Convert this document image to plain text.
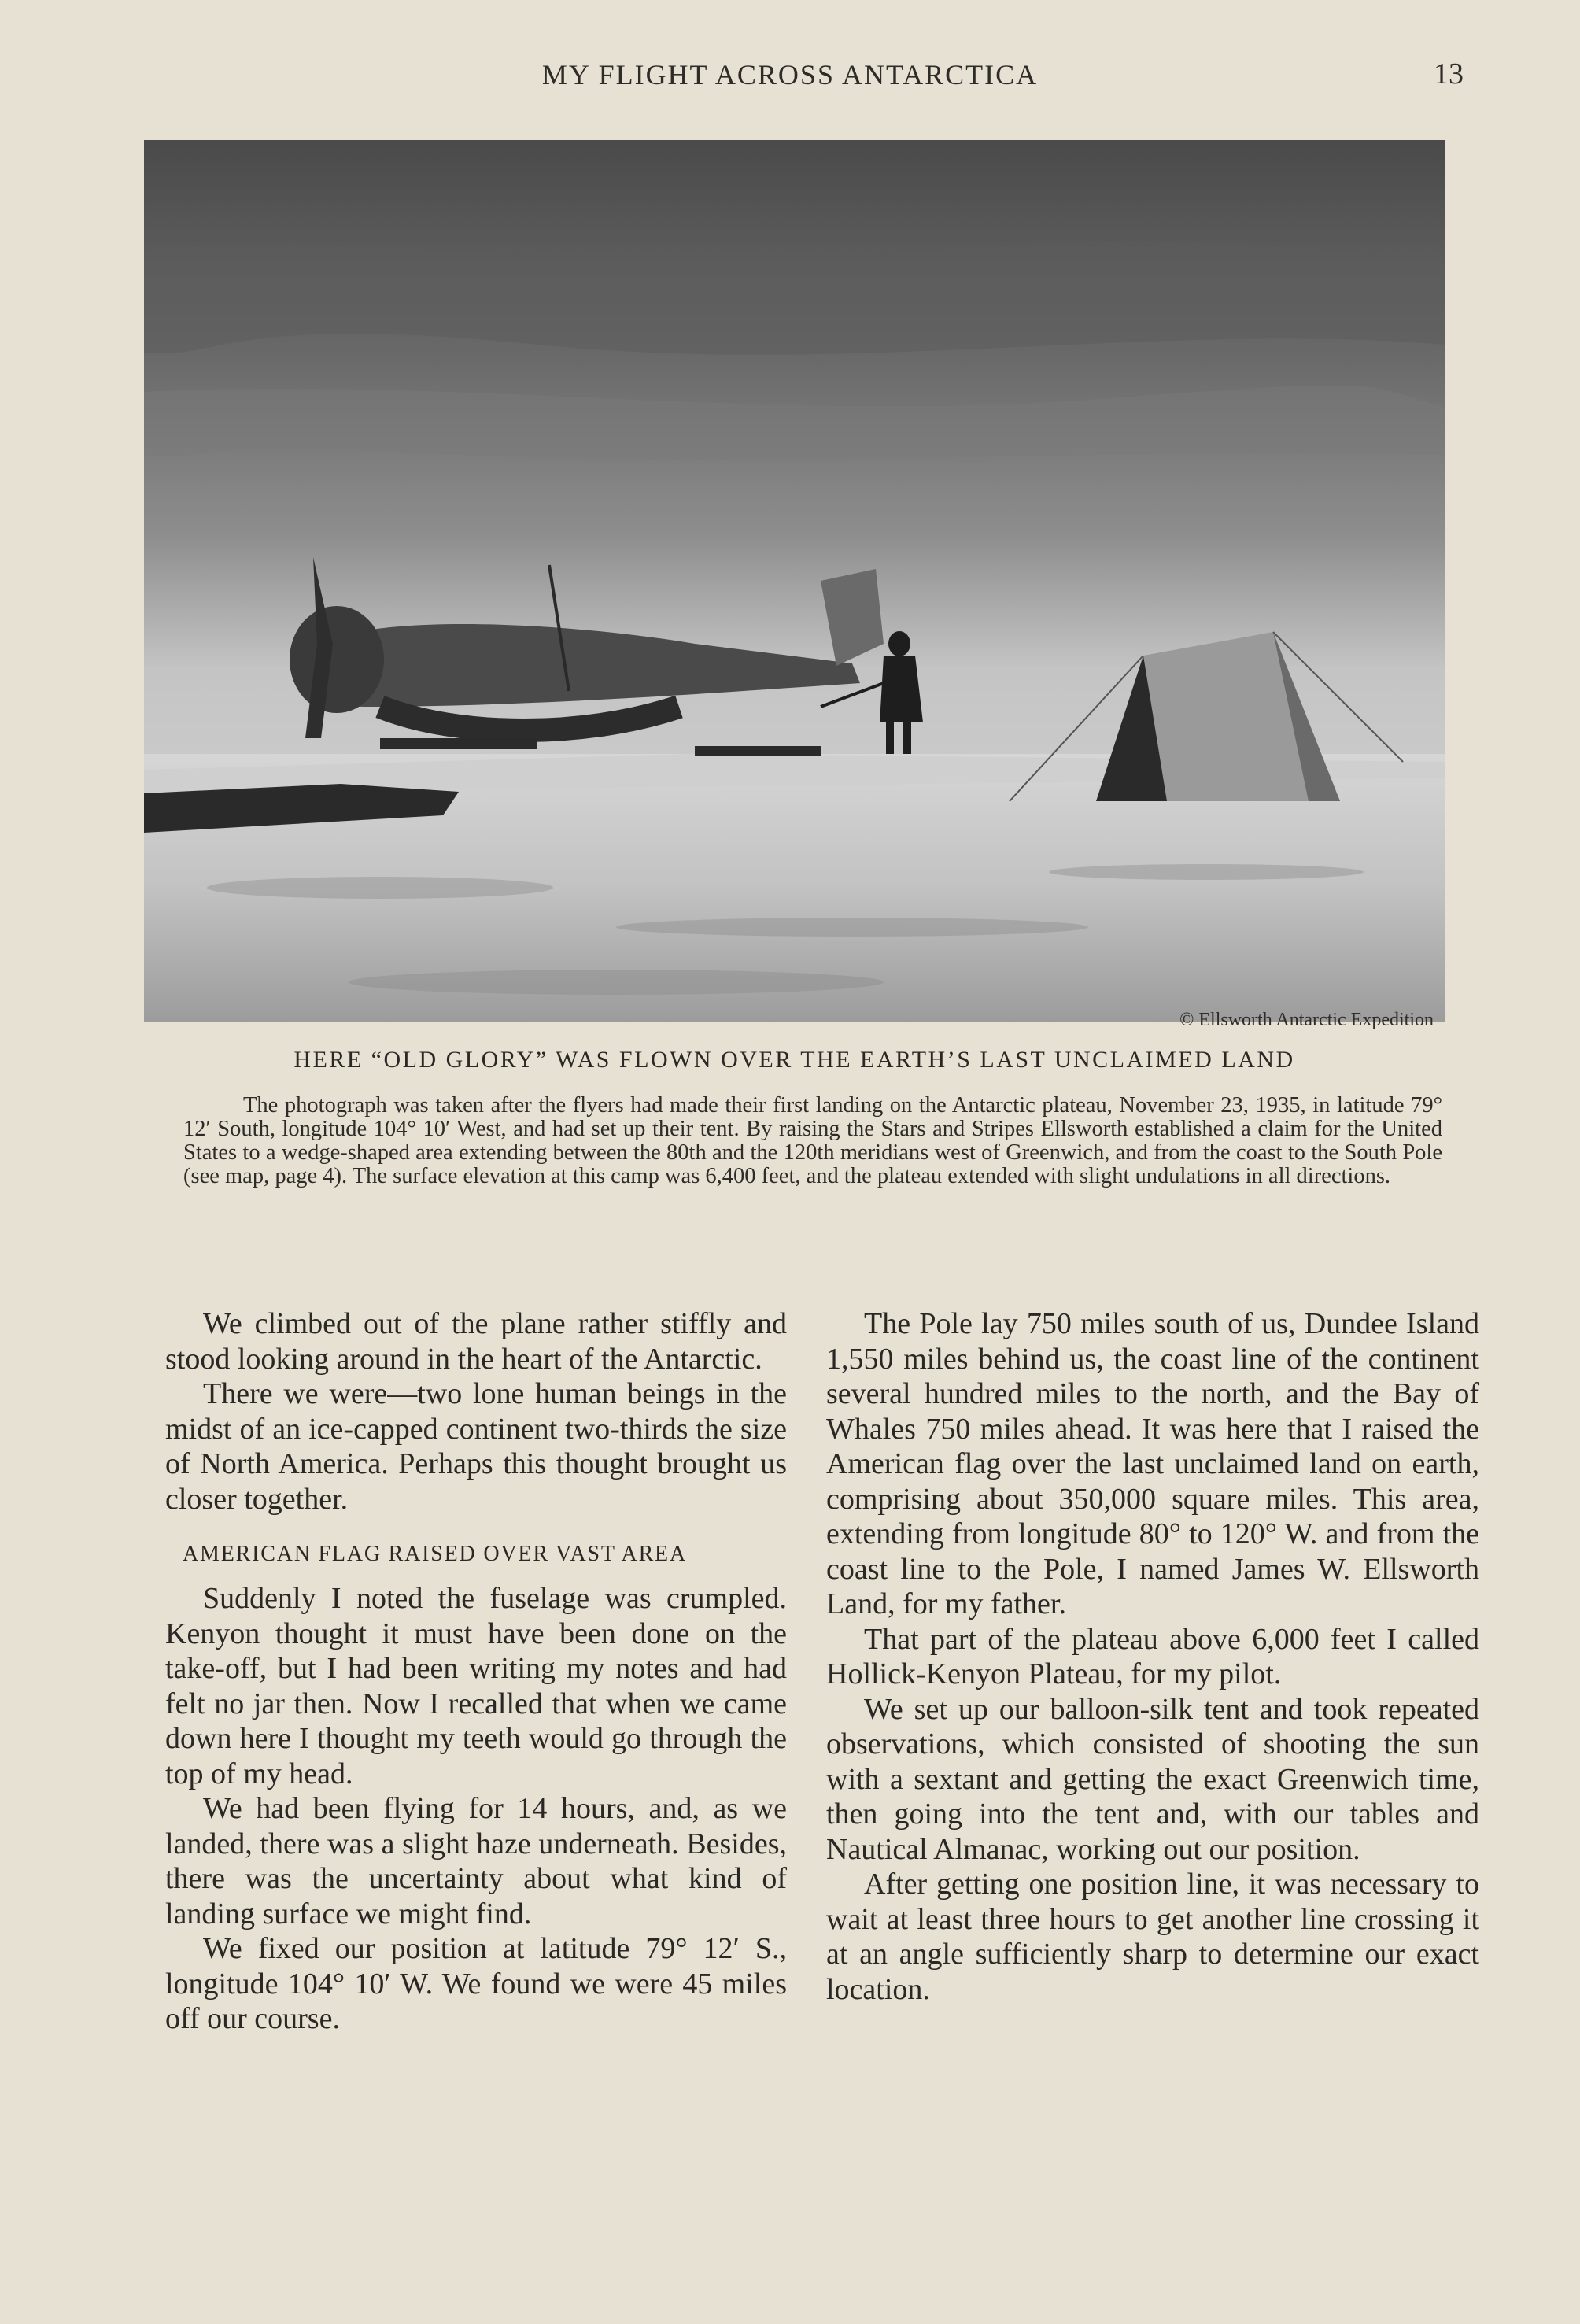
MY FLIGHT ACROSS ANTARCTICA	13
© Ellsworth Antarctic Expedition
HERE “OLD GLORY” WAS FLOWN OVER THE EARTH’S LAST UNCLAIMED LAND

The photograph was taken after the flyers had made their first landing on the Antarctic plateau, November 23, 1935, in latitude 79° 12′ South, longitude 104° 10′ West, and had set up their tent. By raising the Stars and Stripes Ellsworth established a claim for the United States to a wedge-shaped area extending between the 80th and the 120th meridians west of Greenwich, and from the coast to the South Pole (see map, page 4). The surface elevation at this camp was 6,400 feet, and the plateau extended with slight undulations in all directions.

We climbed out of the plane rather stiffly and stood looking around in the heart of the Antarctic.

There we were—two lone human beings in the midst of an ice-capped continent two-thirds the size of North America. Perhaps this thought brought us closer together.

AMERICAN FLAG RAISED OVER VAST AREA

Suddenly I noted the fuselage was crumpled. Kenyon thought it must have been done on the take-off, but I had been writing my notes and had felt no jar then. Now I recalled that when we came down here I thought my teeth would go through the top of my head.

We had been flying for 14 hours, and, as we landed, there was a slight haze underneath. Besides, there was the uncertainty about what kind of landing surface we might find.

We fixed our position at latitude 79° 12′ S., longitude 104° 10′ W. We found we were 45 miles off our course.

The Pole lay 750 miles south of us, Dundee Island 1,550 miles behind us, the coast line of the continent several hundred miles to the north, and the Bay of Whales 750 miles ahead. It was here that I raised the American flag over the last unclaimed land on earth, comprising about 350,000 square miles. This area, extending from longitude 80° to 120° W. and from the coast line to the Pole, I named James W. Ellsworth Land, for my father.

That part of the plateau above 6,000 feet I called Hollick-Kenyon Plateau, for my pilot.

We set up our balloon-silk tent and took repeated observations, which consisted of shooting the sun with a sextant and getting the exact Greenwich time, then going into the tent and, with our tables and Nautical Almanac, working out our position.

After getting one position line, it was necessary to wait at least three hours to get another line crossing it at an angle sufficiently sharp to determine our exact location.
